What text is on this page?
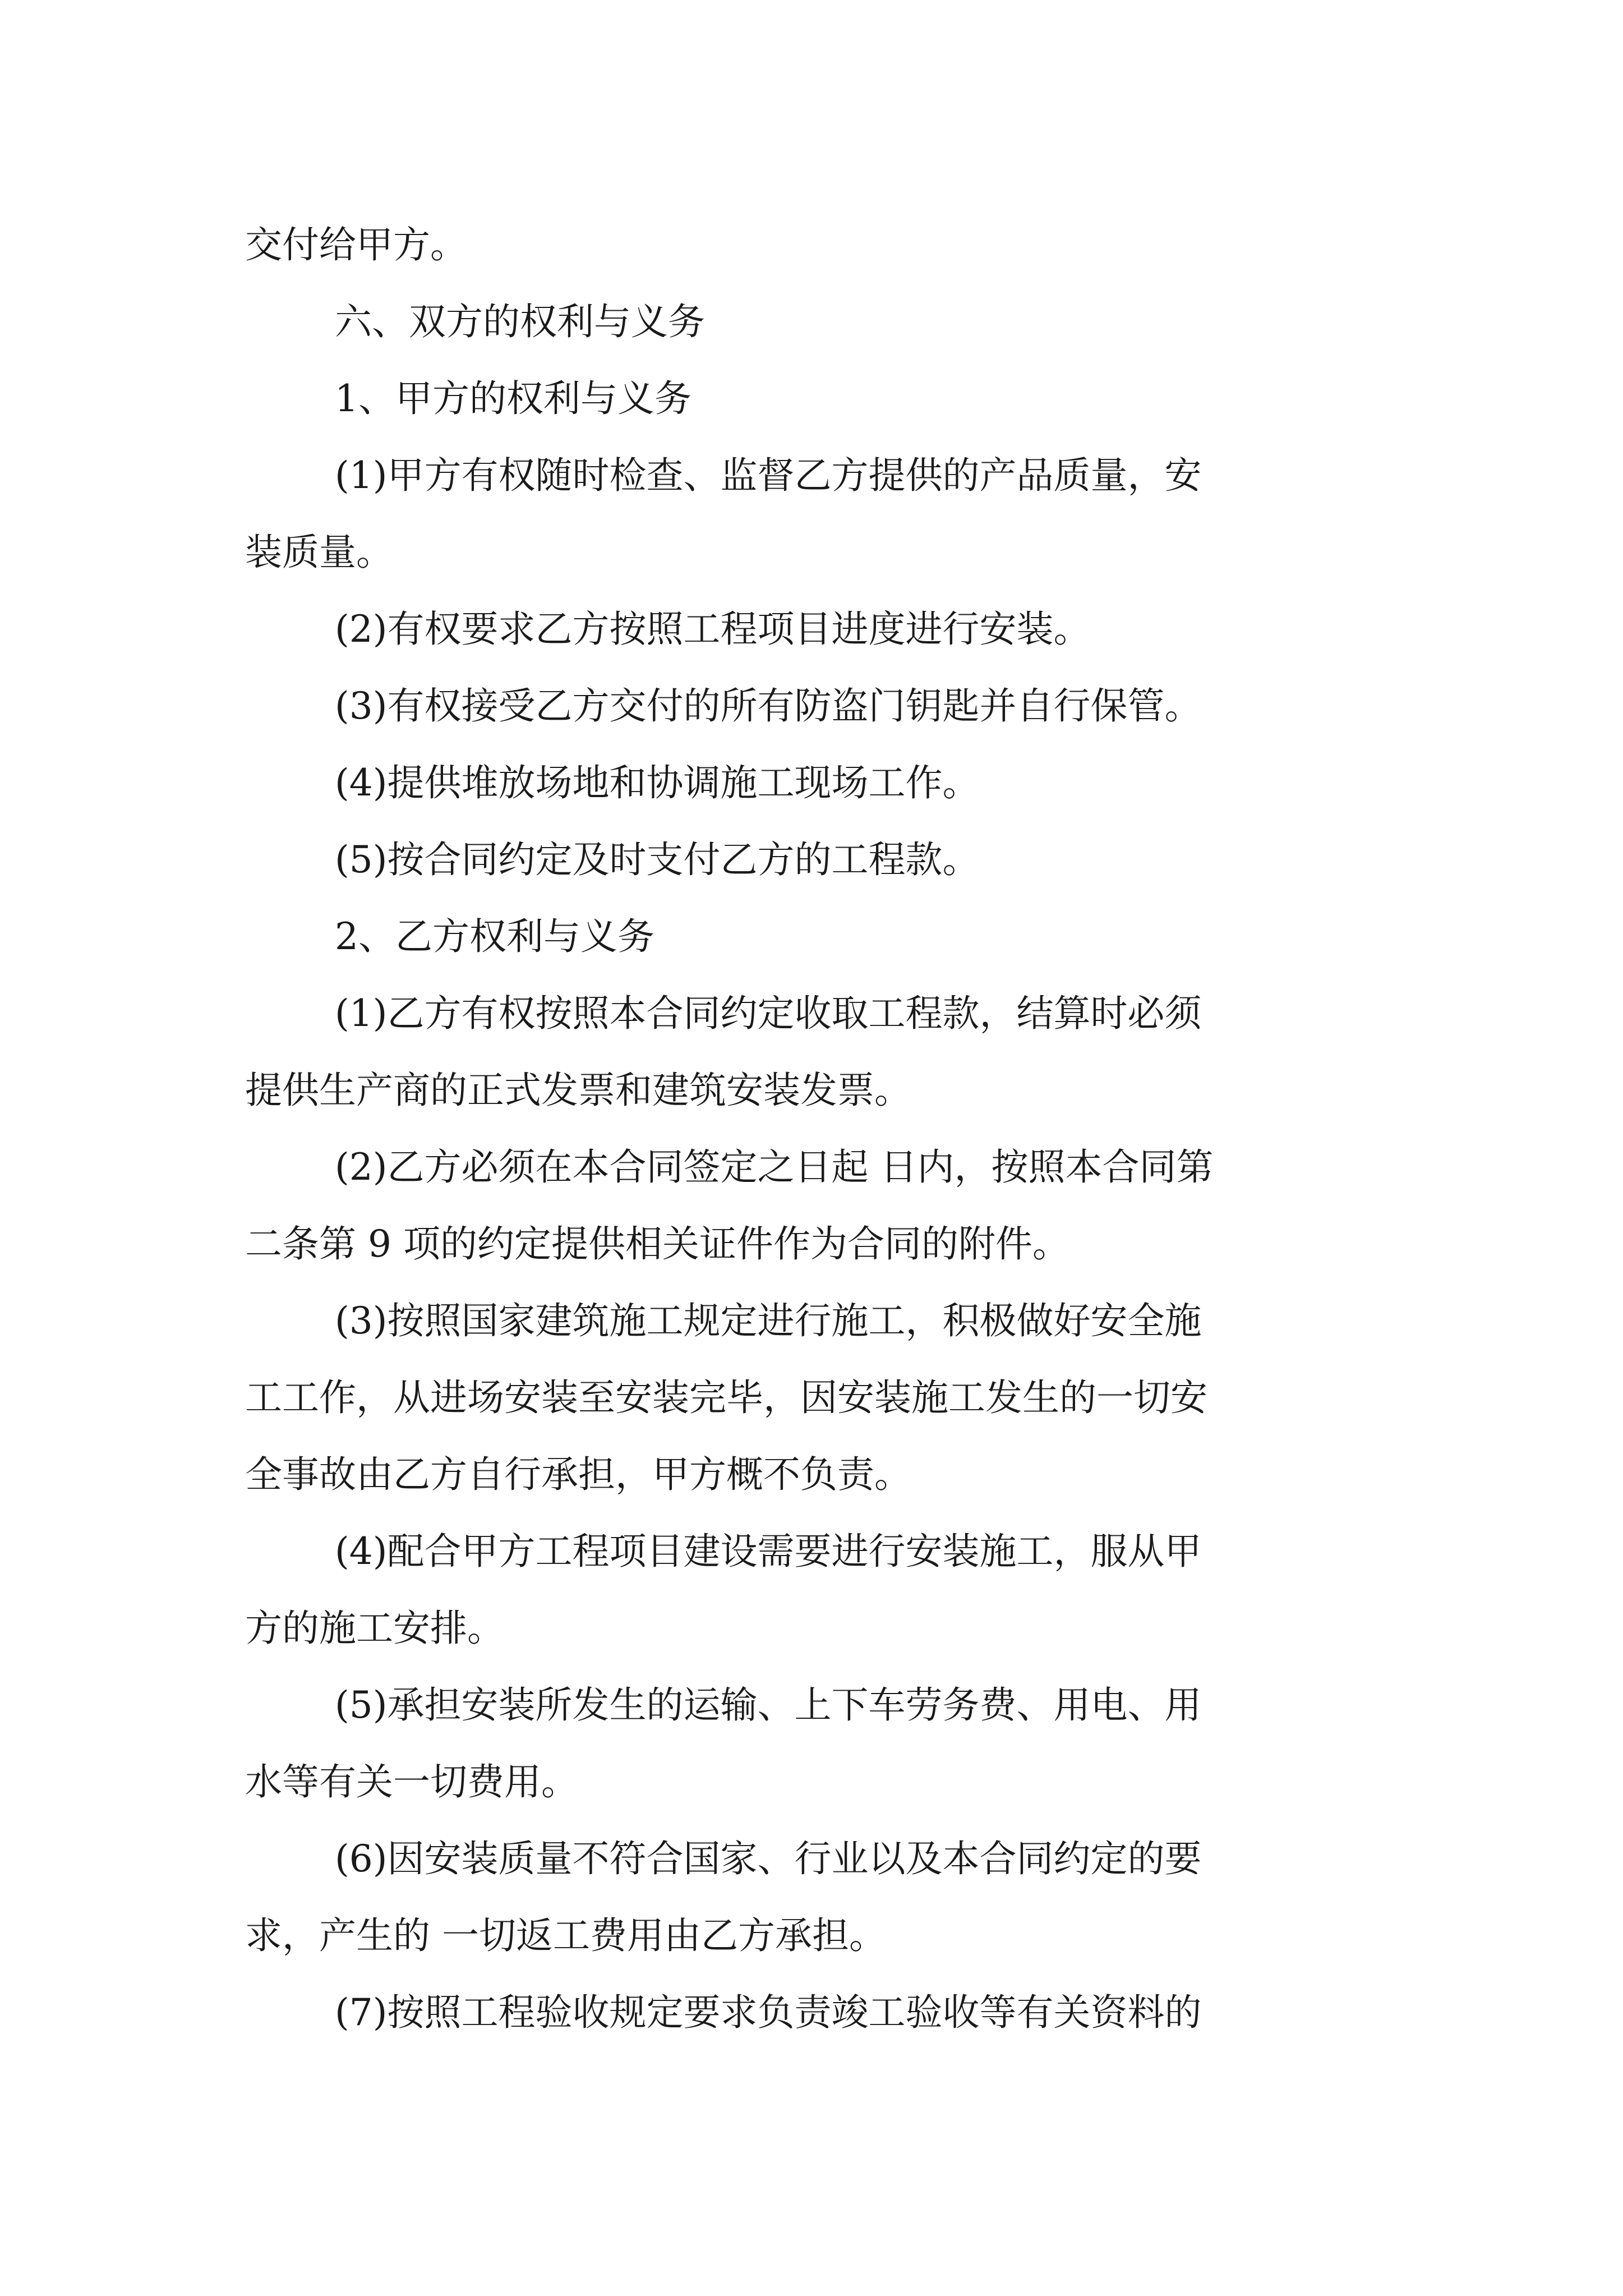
交付给甲方。
六、双方的权利与义务
1、甲方的权利与义务
(1)甲方有权随时检查、监督乙方提供的产品质量，安
装质量。
(2)有权要求乙方按照工程项目进度进行安装。
(3)有权接受乙方交付的所有防盗门钥匙并自行保管。
(4)提供堆放场地和协调施工现场工作。
(5)按合同约定及时支付乙方的工程款。
2、乙方权利与义务
(1)乙方有权按照本合同约定收取工程款，结算时必须
提供生产商的正式发票和建筑安装发票。
(2)乙方必须在本合同签定之日起 日内，按照本合同第
二条第 9 项的约定提供相关证件作为合同的附件。
(3)按照国家建筑施工规定进行施工，积极做好安全施
工工作，从进场安装至安装完毕，因安装施工发生的一切安
全事故由乙方自行承担，甲方概不负责。
(4)配合甲方工程项目建设需要进行安装施工，服从甲
方的施工安排。
(5)承担安装所发生的运输、上下车劳务费、用电、用
水等有关一切费用。
(6)因安装质量不符合国家、行业以及本合同约定的要
求，产生的 一切返工费用由乙方承担。
(7)按照工程验收规定要求负责竣工验收等有关资料的
